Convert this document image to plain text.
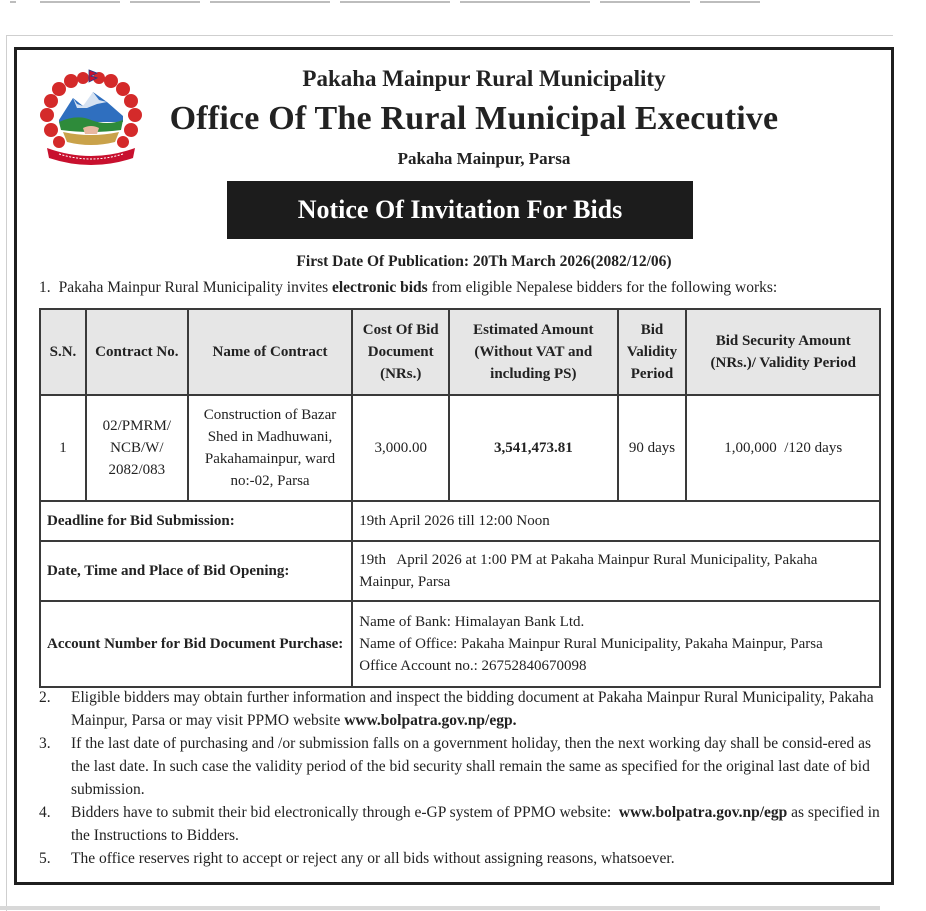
Pakaha Mainpur Rural Municipality
Office Of The Rural Municipal Executive
Pakaha Mainpur, Parsa
Notice Of Invitation For Bids
First Date Of Publication: 20Th March 2026(2082/12/06)
1. Pakaha Mainpur Rural Municipality invites electronic bids from eligible Nepalese bidders for the following works:
S.N.	Contract No.	Name of Contract	Cost Of Bid Document (NRs.)	Estimated Amount (Without VAT and including PS)	Bid Validity Period	Bid Security Amount (NRs.)/ Validity Period
1	02/PMRM/ NCB/W/ 2082/083	Construction of Bazar Shed in Madhuwani, Pakahamainpur, ward no:-02, Parsa	3,000.00	3,541,473.81	90 days	1,00,000  /120 days
Deadline for Bid Submission:			19th April 2026 till 12:00 Noon			
Date, Time and Place of Bid Opening:			19th   April 2026 at 1:00 PM at Pakaha Mainpur Rural Municipality, Pakaha Mainpur, Parsa			
Account Number for Bid Document Purchase:			Name of Bank: Himalayan Bank Ltd.
Name of Office: Pakaha Mainpur Rural Municipality, Pakaha Mainpur, Parsa
Office Account no.: 26752840670098			
2. Eligible bidders may obtain further information and inspect the bidding document at Pakaha Mainpur Rural Municipality, Pakaha Mainpur, Parsa or may visit PPMO website www.bolpatra.gov.np/egp.
3. If the last date of purchasing and /or submission falls on a government holiday, then the next working day shall be consid-ered as the last date. In such case the validity period of the bid security shall remain the same as specified for the original last date of bid submission.
4. Bidders have to submit their bid electronically through e-GP system of PPMO website:  www.bolpatra.gov.np/egp as specified in the Instructions to Bidders.
5. The office reserves right to accept or reject any or all bids without assigning reasons, whatsoever.
